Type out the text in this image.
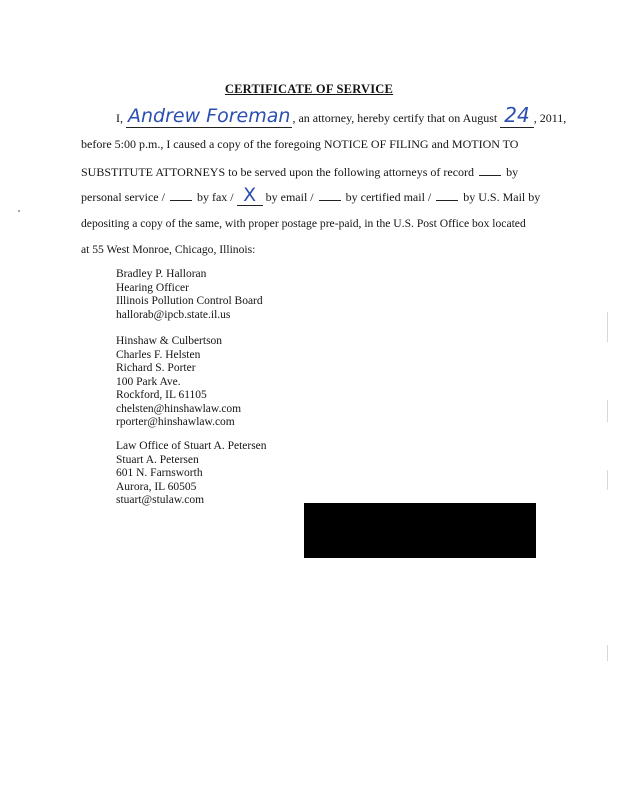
CERTIFICATE OF SERVICE
I, Andrew Foreman , an attorney, hereby certify that on August 24 , 2011,
before 5:00 p.m., I caused a copy of the foregoing NOTICE OF FILING and MOTION TO
SUBSTITUTE ATTORNEYS to be served upon the following attorneys of record	by
personal service /	by fax / X by email /	by certified mail /	by U.S. Mail by
depositing a copy of the same, with proper postage pre-paid, in the U.S. Post Office box located
at 55 West Monroe, Chicago, Illinois:
Bradley P. Halloran
Hearing Officer
Illinois Pollution Control Board
hallorab@ipcb.state.il.us
Hinshaw & Culbertson
Charles F. Helsten
Richard S. Porter
100 Park Ave.
Rockford, IL 61105
chelsten@hinshawlaw.com
rporter@hinshawlaw.com
Law Office of Stuart A. Petersen
Stuart A. Petersen
601 N. Farnsworth
Aurora, IL 60505
stuart@stulaw.com
